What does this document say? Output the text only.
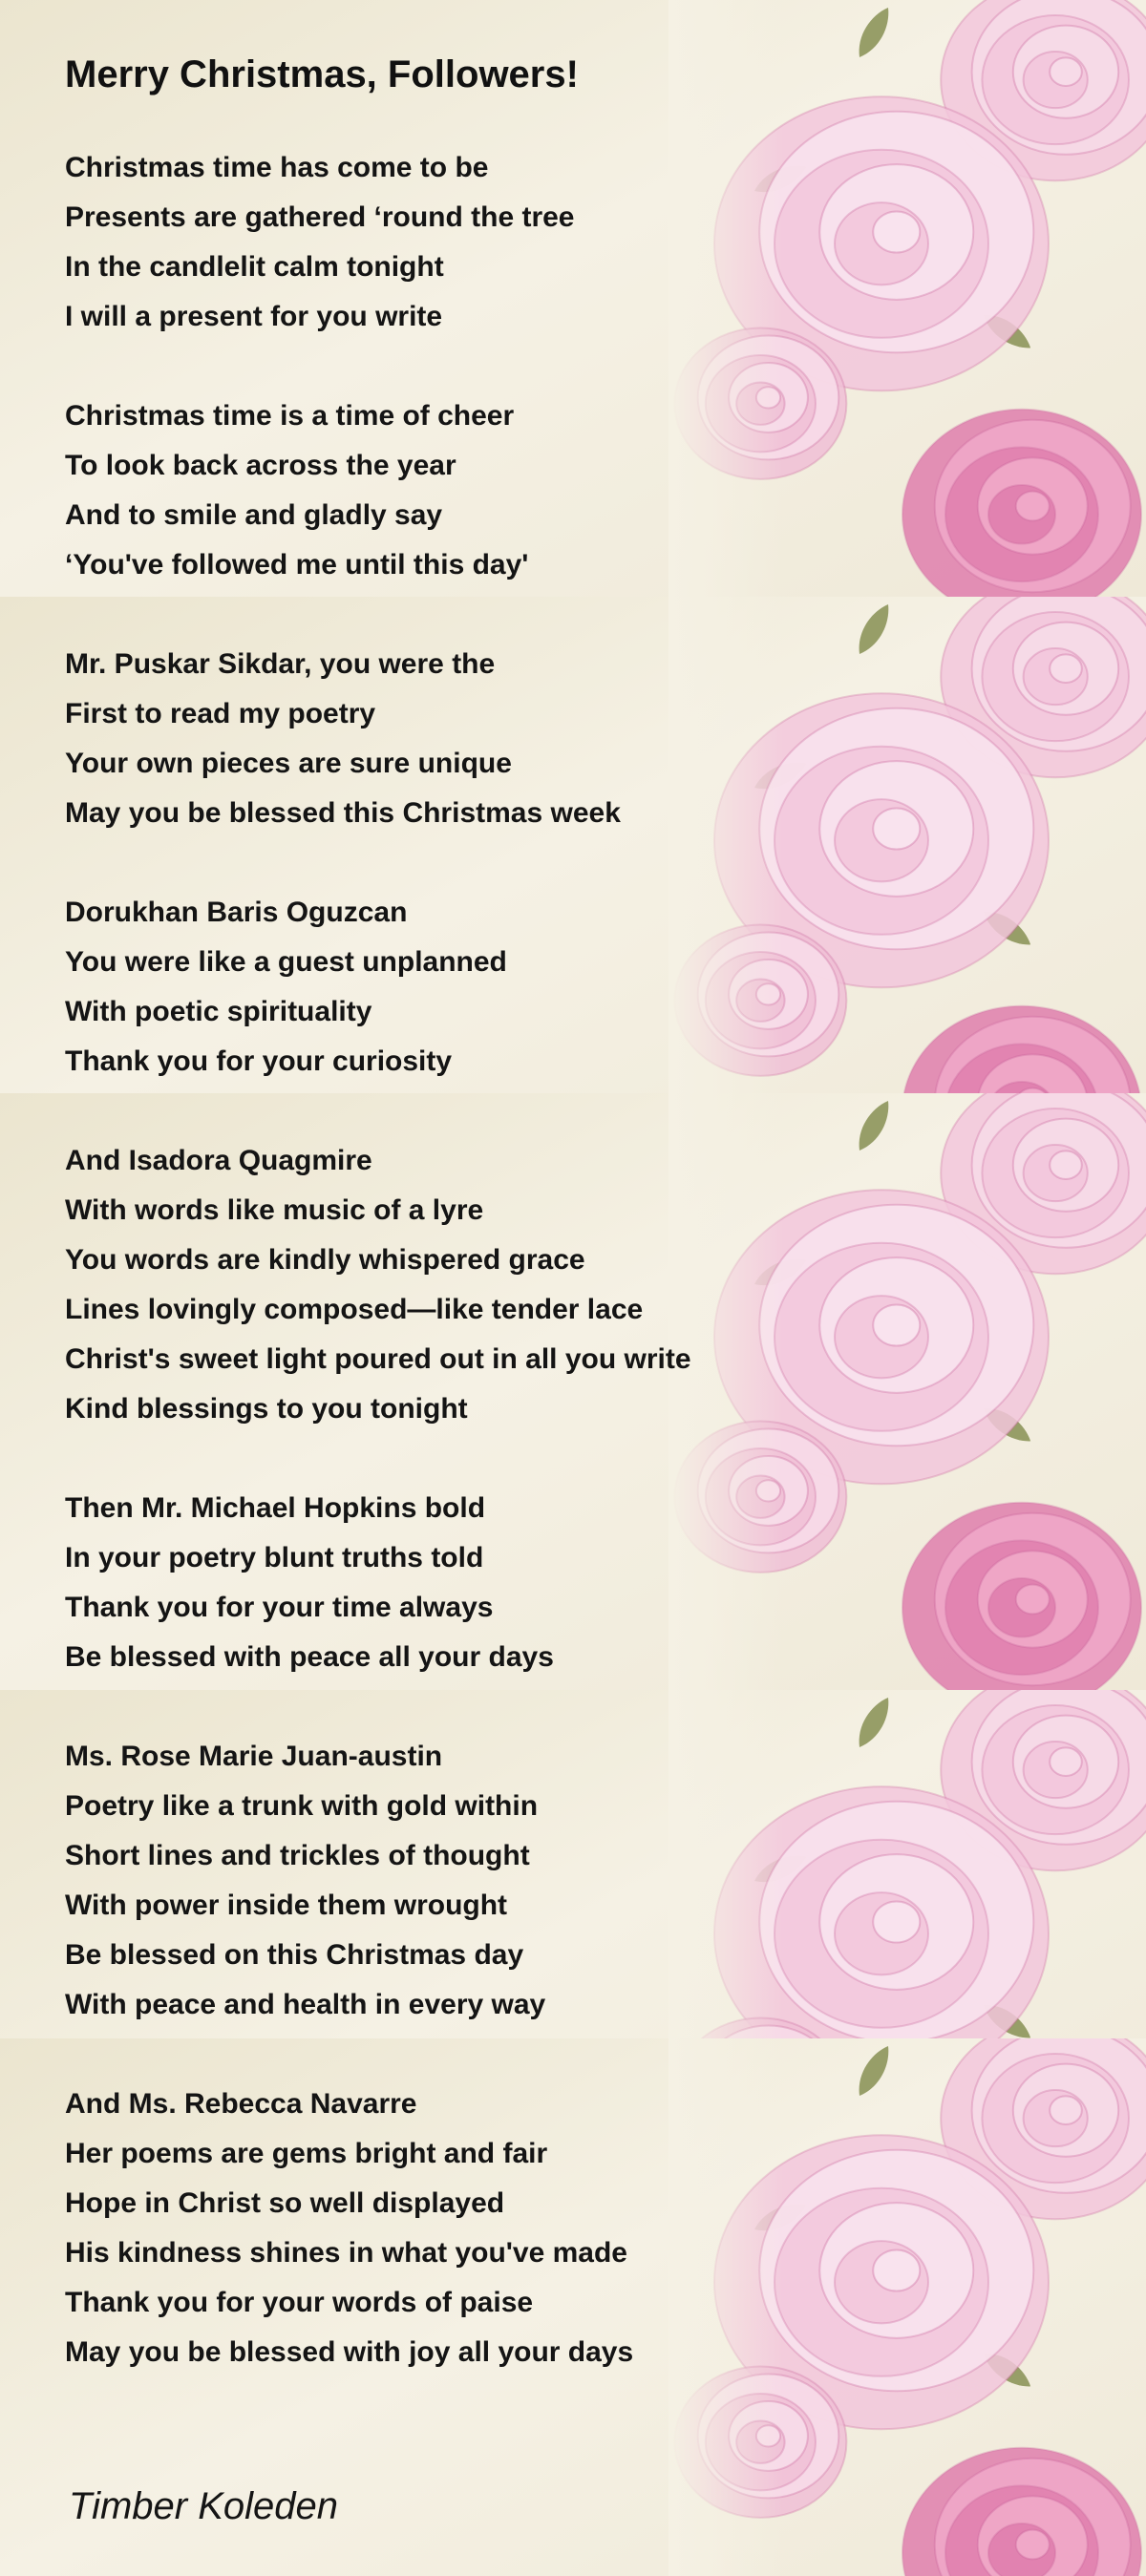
Merry Christmas, Followers!

Christmas time has come to be

Presents are gathered ‘round the tree

In the candlelit calm tonight

I will a present for you write

Christmas time is a time of cheer

To look back across the year

And to smile and gladly say

‘You've followed me until this day'

Mr. Puskar Sikdar, you were the

First to read my poetry

Your own pieces are sure unique

May you be blessed this Christmas week

Dorukhan Baris Oguzcan

You were like a guest unplanned

With poetic spirituality

Thank you for your curiosity

And Isadora Quagmire

With words like music of a lyre

You words are kindly whispered grace

Lines lovingly composed—like tender lace

Christ's sweet light poured out in all you write

Kind blessings to you tonight

Then Mr. Michael Hopkins bold

In your poetry blunt truths told

Thank you for your time always

Be blessed with peace all your days

Ms. Rose Marie Juan-austin

Poetry like a trunk with gold within

Short lines and trickles of thought

With power inside them wrought

Be blessed on this Christmas day

With peace and health in every way

And Ms. Rebecca Navarre

Her poems are gems bright and fair

Hope in Christ so well displayed

His kindness shines in what you've made

Thank you for your words of paise

May you be blessed with joy all your days

Timber Koleden
